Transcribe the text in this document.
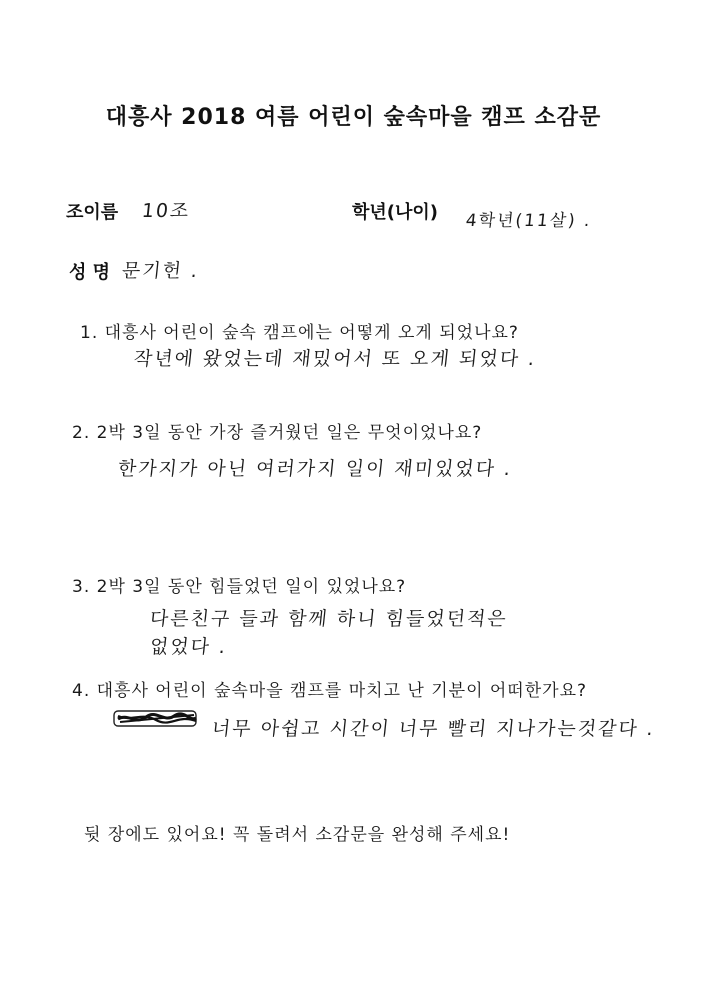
대흥사 2018 여름 어린이 숲속마을 캠프 소감문
조이름 10조	학년(나이) 4학년(11살) .
성 명 문기헌 .
1. 대흥사 어린이 숲속 캠프에는 어떻게 오게 되었나요?
작년에 왔었는데 재밌어서 또 오게 되었다 .
2. 2박 3일 동안 가장 즐거웠던 일은 무엇이었나요?
한가지가 아닌 여러가지 일이 재미있었다 .
3. 2박 3일 동안 힘들었던 일이 있었나요?
다른친구 들과 함께 하니 힘들었던적은
없었다 .
4. 대흥사 어린이 숲속마을 캠프를 마치고 난 기분이 어떠한가요?
너무 아쉽고 시간이 너무 빨리 지나가는것같다 .
뒷 장에도 있어요! 꼭 돌려서 소감문을 완성해 주세요!
